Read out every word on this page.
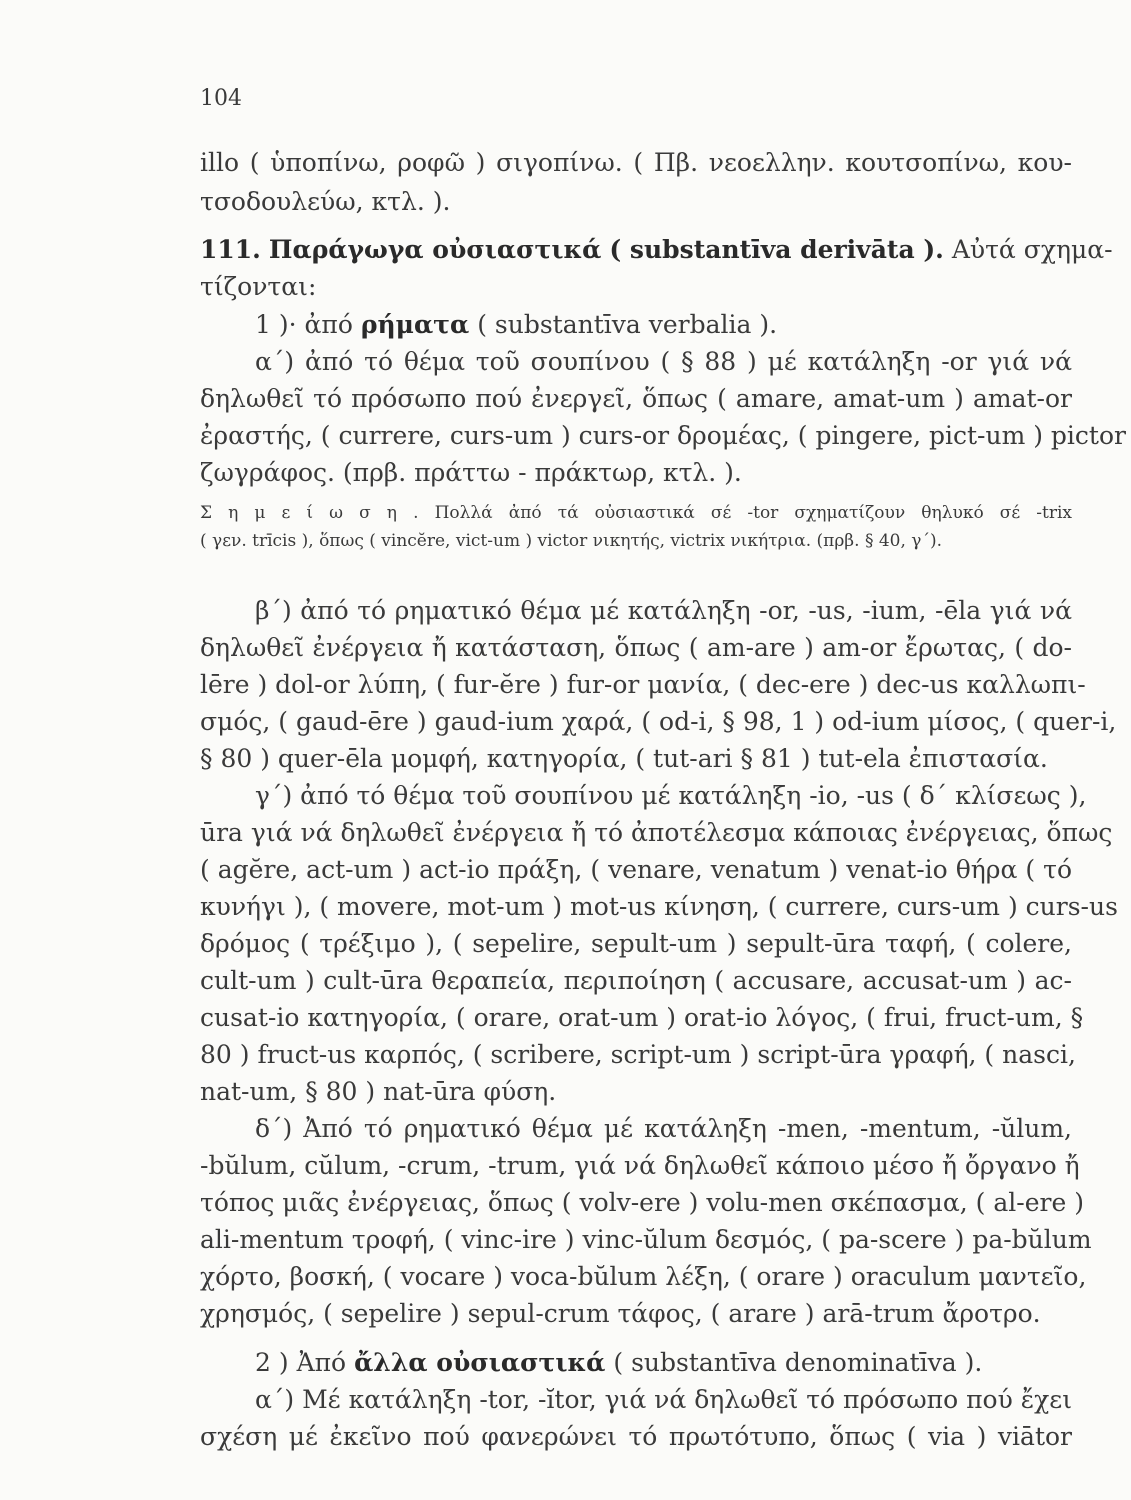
104
illo ( ὑποπίνω, ροφῶ ) σιγοπίνω. ( Πβ. νεοελλην. κουτσοπίνω, κου-
τσοδουλεύω, κτλ. ).
111. Παράγωγα οὐσιαστικά ( substantīva derivāta ). Αὐτά σχημα-
τίζονται:
1 )· ἀπό ρήματα ( substantīva verbalia ).
α΄) ἀπό τό θέμα τοῦ σουπίνου ( § 88 ) μέ κατάληξη -or γιά νά
δηλωθεῖ τό πρόσωπο πού ἐνεργεῖ, ὅπως ( amare, amat-um ) amat-or
ἐραστής, ( currere, curs-um ) curs-or δρομέας, ( pingere, pict-um ) pictor
ζωγράφος. (πρβ. πράττω - πράκτωρ, κτλ. ).
Σ η μ ε ί ω σ η . Πολλά ἀπό τά οὐσιαστικά σέ -tor σχηματίζουν θηλυκό σέ -trix
( γεν. trīcis ), ὅπως ( vincĕre, vict-um ) victor νικητής, victrix νικήτρια. (πρβ. § 40, γ΄).
β΄) ἀπό τό ρηματικό θέμα μέ κατάληξη -or, -us, -ium, -ēla γιά νά
δηλωθεῖ ἐνέργεια ἤ κατάσταση, ὅπως ( am-are ) am-or ἔρωτας, ( do-
lēre ) dol-or λύπη, ( fur-ĕre ) fur-or μανία, ( dec-ere ) dec-us καλλωπι-
σμός, ( gaud-ēre ) gaud-ium χαρά, ( od-i, § 98, 1 ) od-ium μίσος, ( quer-i,
§ 80 ) quer-ēla μομφή, κατηγορία, ( tut-ari § 81 ) tut-ela ἐπιστασία.
γ΄) ἀπό τό θέμα τοῦ σουπίνου μέ κατάληξη -io, -us ( δ΄ κλίσεως ),
ūra γιά νά δηλωθεῖ ἐνέργεια ἤ τό ἀποτέλεσμα κάποιας ἐνέργειας, ὅπως
( agĕre, act-um ) act-io πράξη, ( venare, venatum ) venat-io θήρα ( τό
κυνήγι ), ( movere, mot-um ) mot-us κίνηση, ( currere, curs-um ) curs-us
δρόμος ( τρέξιμο ), ( sepelire, sepult-um ) sepult-ūra ταφή, ( colere,
cult-um ) cult-ūra θεραπεία, περιποίηση ( accusare, accusat-um ) ac-
cusat-io κατηγορία, ( orare, orat-um ) orat-io λόγος, ( frui, fruct-um, §
80 ) fruct-us καρπός, ( scribere, script-um ) script-ūra γραφή, ( nasci,
nat-um, § 80 ) nat-ūra φύση.
δ΄) Ἀπό τό ρηματικό θέμα μέ κατάληξη -men, -mentum, -ŭlum,
-bŭlum, cŭlum, -crum, -trum, γιά νά δηλωθεῖ κάποιο μέσο ἤ ὄργανο ἤ
τόπος μιᾶς ἐνέργειας, ὅπως ( volv-ere ) volu-men σκέπασμα, ( al-ere )
ali-mentum τροφή, ( vinc-ire ) vinc-ŭlum δεσμός, ( pa-scere ) pa-bŭlum
χόρτο, βοσκή, ( vocare ) voca-bŭlum λέξη, ( orare ) oraculum μαντεῖο,
χρησμός, ( sepelire ) sepul-crum τάφος, ( arare ) arā-trum ἄροτρο.
2 ) Ἀπό ἄλλα οὐσιαστικά ( substantīva denominatīva ).
α΄) Μέ κατάληξη -tor, -ĭtor, γιά νά δηλωθεῖ τό πρόσωπο πού ἔχει
σχέση μέ ἐκεῖνο πού φανερώνει τό πρωτότυπο, ὅπως ( via ) viātor
